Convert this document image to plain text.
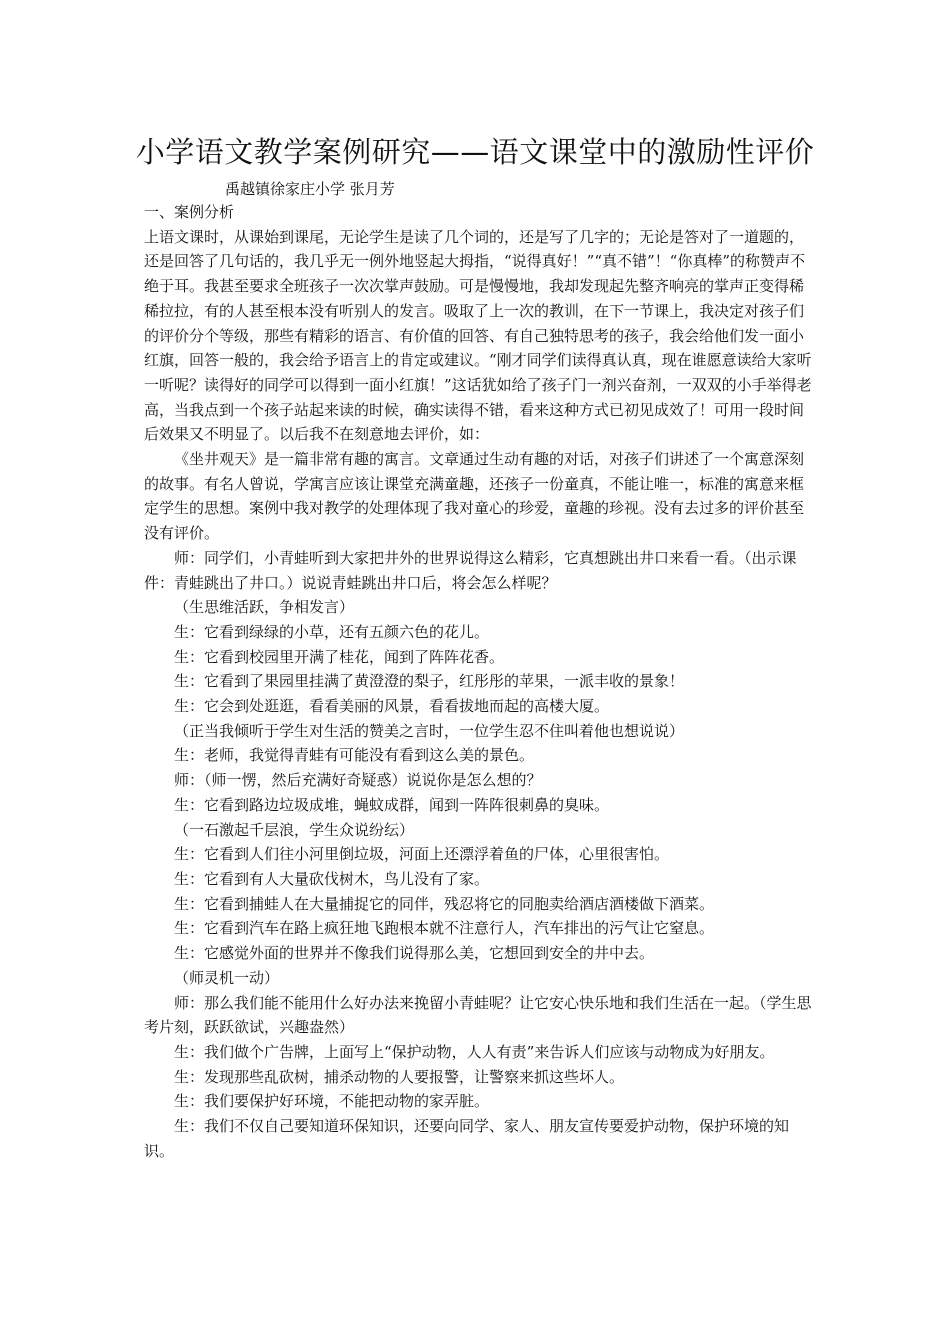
小学语文教学案例研究——语文课堂中的激励性评价
禹越镇徐家庄小学 张月芳

一、案例分析

上语文课时，从课始到课尾，无论学生是读了几个词的，还是写了几字的；无论是答对了一道题的，还是回答了几句话的，我几乎无一例外地竖起大拇指，“说得真好！”“真不错”！“你真棒”的称赞声不绝于耳。我甚至要求全班孩子一次次掌声鼓励。可是慢慢地，我却发现起先整齐响亮的掌声正变得稀稀拉拉，有的人甚至根本没有听别人的发言。吸取了上一次的教训，在下一节课上，我决定对孩子们的评价分个等级，那些有精彩的语言、有价值的回答、有自己独特思考的孩子，我会给他们发一面小红旗，回答一般的，我会给予语言上的肯定或建议。“刚才同学们读得真认真，现在谁愿意读给大家听一听呢？读得好的同学可以得到一面小红旗！”这话犹如给了孩子门一剂兴奋剂，一双双的小手举得老高，当我点到一个孩子站起来读的时候，确实读得不错，看来这种方式已初见成效了！可用一段时间后效果又不明显了。以后我不在刻意地去评价，如：

《坐井观天》是一篇非常有趣的寓言。文章通过生动有趣的对话，对孩子们讲述了一个寓意深刻的故事。有名人曾说，学寓言应该让课堂充满童趣，还孩子一份童真，不能让唯一，标准的寓意来框定学生的思想。案例中我对教学的处理体现了我对童心的珍爱，童趣的珍视。没有去过多的评价甚至没有评价。

师：同学们，小青蛙听到大家把井外的世界说得这么精彩，它真想跳出井口来看一看。（出示课件：青蛙跳出了井口。）说说青蛙跳出井口后，将会怎么样呢？

（生思维活跃，争相发言）

生：它看到绿绿的小草，还有五颜六色的花儿。

生：它看到校园里开满了桂花，闻到了阵阵花香。

生：它看到了果园里挂满了黄澄澄的梨子，红彤彤的苹果，一派丰收的景象！

生：它会到处逛逛，看看美丽的风景，看看拔地而起的高楼大厦。

（正当我倾听于学生对生活的赞美之言时，一位学生忍不住叫着他也想说说）

生：老师，我觉得青蛙有可能没有看到这么美的景色。

师：（师一愣，然后充满好奇疑惑）说说你是怎么想的？

生：它看到路边垃圾成堆，蝇蚊成群，闻到一阵阵很刺鼻的臭味。

（一石激起千层浪，学生众说纷纭）

生：它看到人们往小河里倒垃圾，河面上还漂浮着鱼的尸体，心里很害怕。

生：它看到有人大量砍伐树木，鸟儿没有了家。

生：它看到捕蛙人在大量捕捉它的同伴，残忍将它的同胞卖给酒店酒楼做下酒菜。

生：它看到汽车在路上疯狂地飞跑根本就不注意行人，汽车排出的污气让它窒息。

生：它感觉外面的世界并不像我们说得那么美，它想回到安全的井中去。

（师灵机一动）

师：那么我们能不能用什么好办法来挽留小青蛙呢？让它安心快乐地和我们生活在一起。（学生思考片刻，跃跃欲试，兴趣盎然）

生：我们做个广告牌，上面写上“保护动物，人人有责”来告诉人们应该与动物成为好朋友。

生：发现那些乱砍树，捕杀动物的人要报警，让警察来抓这些坏人。

生：我们要保护好环境，不能把动物的家弄脏。

生：我们不仅自己要知道环保知识，还要向同学、家人、朋友宣传要爱护动物，保护环境的知识。
